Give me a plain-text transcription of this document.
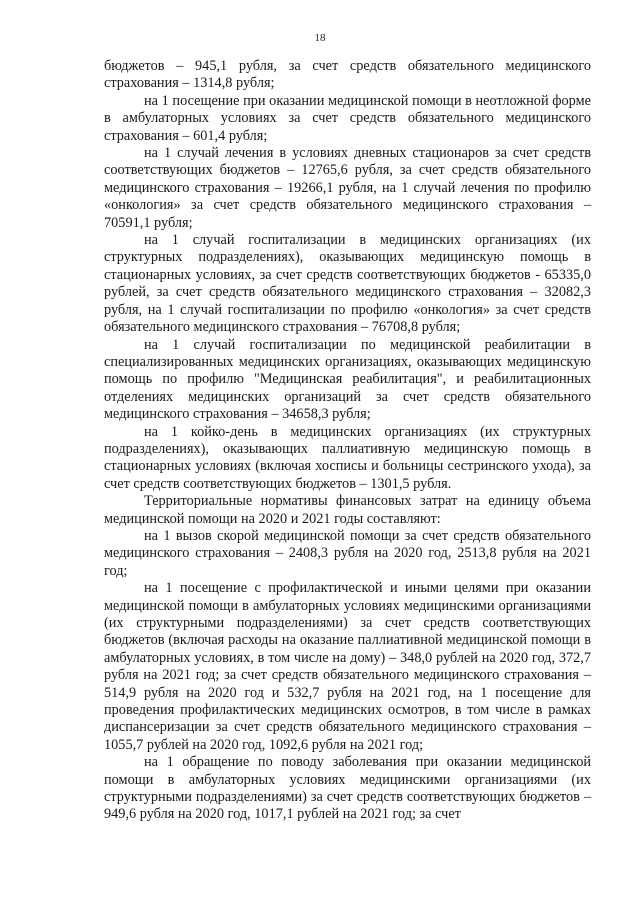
18

бюджетов – 945,1 рубля, за счет средств обязательного медицинского страхования – 1314,8 рубля;

на 1 посещение при оказании медицинской помощи в неотложной форме в амбулаторных условиях за счет средств обязательного медицинского страхования – 601,4 рубля;

на 1 случай лечения в условиях дневных стационаров за счет средств соответствующих бюджетов – 12765,6 рубля, за счет средств обязательного медицинского страхования – 19266,1 рубля, на 1 случай лечения по профилю «онкология» за счет средств обязательного медицинского страхования – 70591,1 рубля;

на 1 случай госпитализации в медицинских организациях (их структурных подразделениях), оказывающих медицинскую помощь в стационарных условиях, за счет средств соответствующих бюджетов - 65335,0 рублей, за счет средств обязательного медицинского страхования – 32082,3 рубля, на 1 случай госпитализации по профилю «онкология» за счет средств обязательного медицинского страхования – 76708,8 рубля;

на 1 случай госпитализации по медицинской реабилитации в специализированных медицинских организациях, оказывающих медицинскую помощь по профилю "Медицинская реабилитация", и реабилитационных отделениях медицинских организаций за счет средств обязательного медицинского страхования – 34658,3 рубля;

на 1 койко-день в медицинских организациях (их структурных подразделениях), оказывающих паллиативную медицинскую помощь в стационарных условиях (включая хосписы и больницы сестринского ухода), за счет средств соответствующих бюджетов – 1301,5 рубля.

Территориальные нормативы финансовых затрат на единицу объема медицинской помощи на 2020 и 2021 годы составляют:

на 1 вызов скорой медицинской помощи за счет средств обязательного медицинского страхования – 2408,3 рубля на 2020 год, 2513,8 рубля на 2021 год;

на 1 посещение с профилактической и иными целями при оказании медицинской помощи в амбулаторных условиях медицинскими организациями (их структурными подразделениями) за счет средств соответствующих бюджетов (включая расходы на оказание паллиативной медицинской помощи в амбулаторных условиях, в том числе на дому) – 348,0 рублей на 2020 год, 372,7 рубля на 2021 год; за счет средств обязательного медицинского страхования – 514,9 рубля на 2020 год и 532,7 рубля на 2021 год, на 1 посещение для проведения профилактических медицинских осмотров, в том числе в рамках диспансеризации за счет средств обязательного медицинского страхования – 1055,7 рублей на 2020 год, 1092,6 рубля на 2021 год;

на 1 обращение по поводу заболевания при оказании медицинской помощи в амбулаторных условиях медицинскими организациями (их структурными подразделениями) за счет средств соответствующих бюджетов – 949,6 рубля на 2020 год, 1017,1 рублей на 2021 год; за счет
